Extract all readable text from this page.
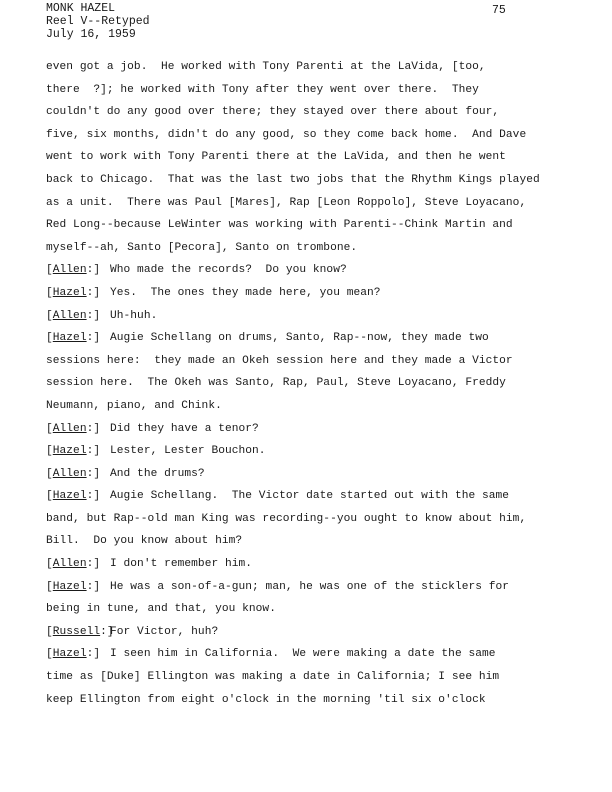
MONK HAZEL
Reel V--Retyped
July 16, 1959
75
even got a job.  He worked with Tony Parenti at the LaVida, [too,
there  ?]; he worked with Tony after they went over there.  They
couldn't do any good over there; they stayed over there about four,
five, six months, didn't do any good, so they come back home.  And Dave
went to work with Tony Parenti there at the LaVida, and then he went
back to Chicago.  That was the last two jobs that the Rhythm Kings played
as a unit.  There was Paul [Mares], Rap [Leon Roppolo], Steve Loyacano,
Red Long--because LeWinter was working with Parenti--Chink Martin and
myself--ah, Santo [Pecora], Santo on trombone.
[Allen:] Who made the records?  Do you know?
[Hazel:] Yes.  The ones they made here, you mean?
[Allen:] Uh-huh.
[Hazel:] Augie Schellang on drums, Santo, Rap--now, they made two
sessions here:  they made an Okeh session here and they made a Victor
session here.  The Okeh was Santo, Rap, Paul, Steve Loyacano, Freddy
Neumann, piano, and Chink.
[Allen:] Did they have a tenor?
[Hazel:] Lester, Lester Bouchon.
[Allen:] And the drums?
[Hazel:] Augie Schellang.  The Victor date started out with the same
band, but Rap--old man King was recording--you ought to know about him,
Bill.  Do you know about him?
[Allen:] I don't remember him.
[Hazel:] He was a son-of-a-gun; man, he was one of the sticklers for
being in tune, and that, you know.
[Russell:]For Victor, huh?
[Hazel:] I seen him in California.  We were making a date the same
time as [Duke] Ellington was making a date in California; I see him
keep Ellington from eight o'clock in the morning 'til six o'clock
